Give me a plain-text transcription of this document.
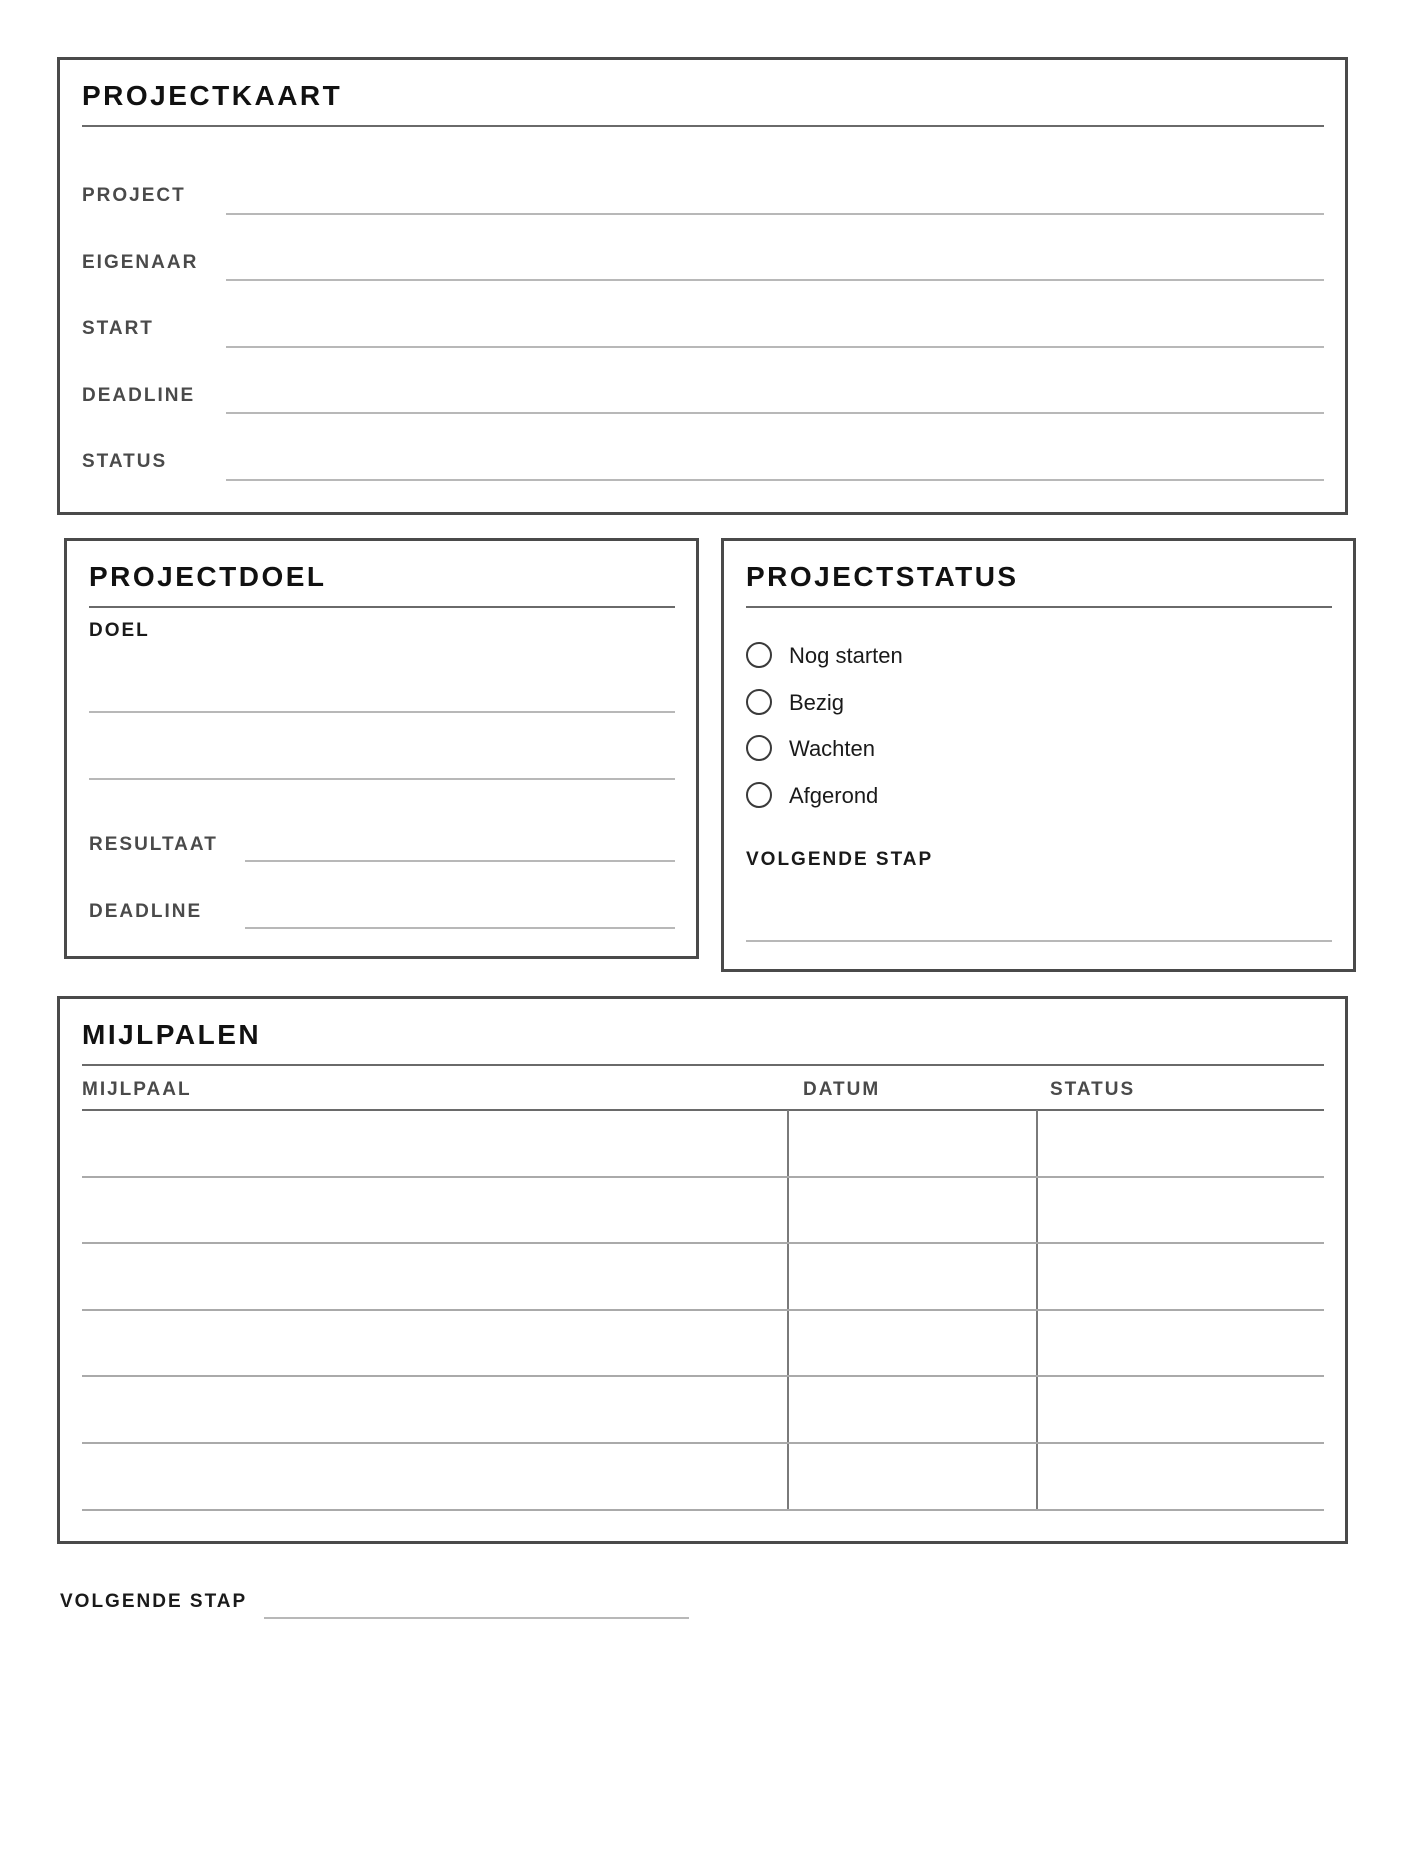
PROJECTKAART
PROJECT
EIGENAAR
START
DEADLINE
STATUS
PROJECTDOEL
DOEL
RESULTAAT
DEADLINE
PROJECTSTATUS
Nog starten
Bezig
Wachten
Afgerond
VOLGENDE STAP
MIJLPALEN
MIJLPAAL	DATUM	STATUS
VOLGENDE STAP
